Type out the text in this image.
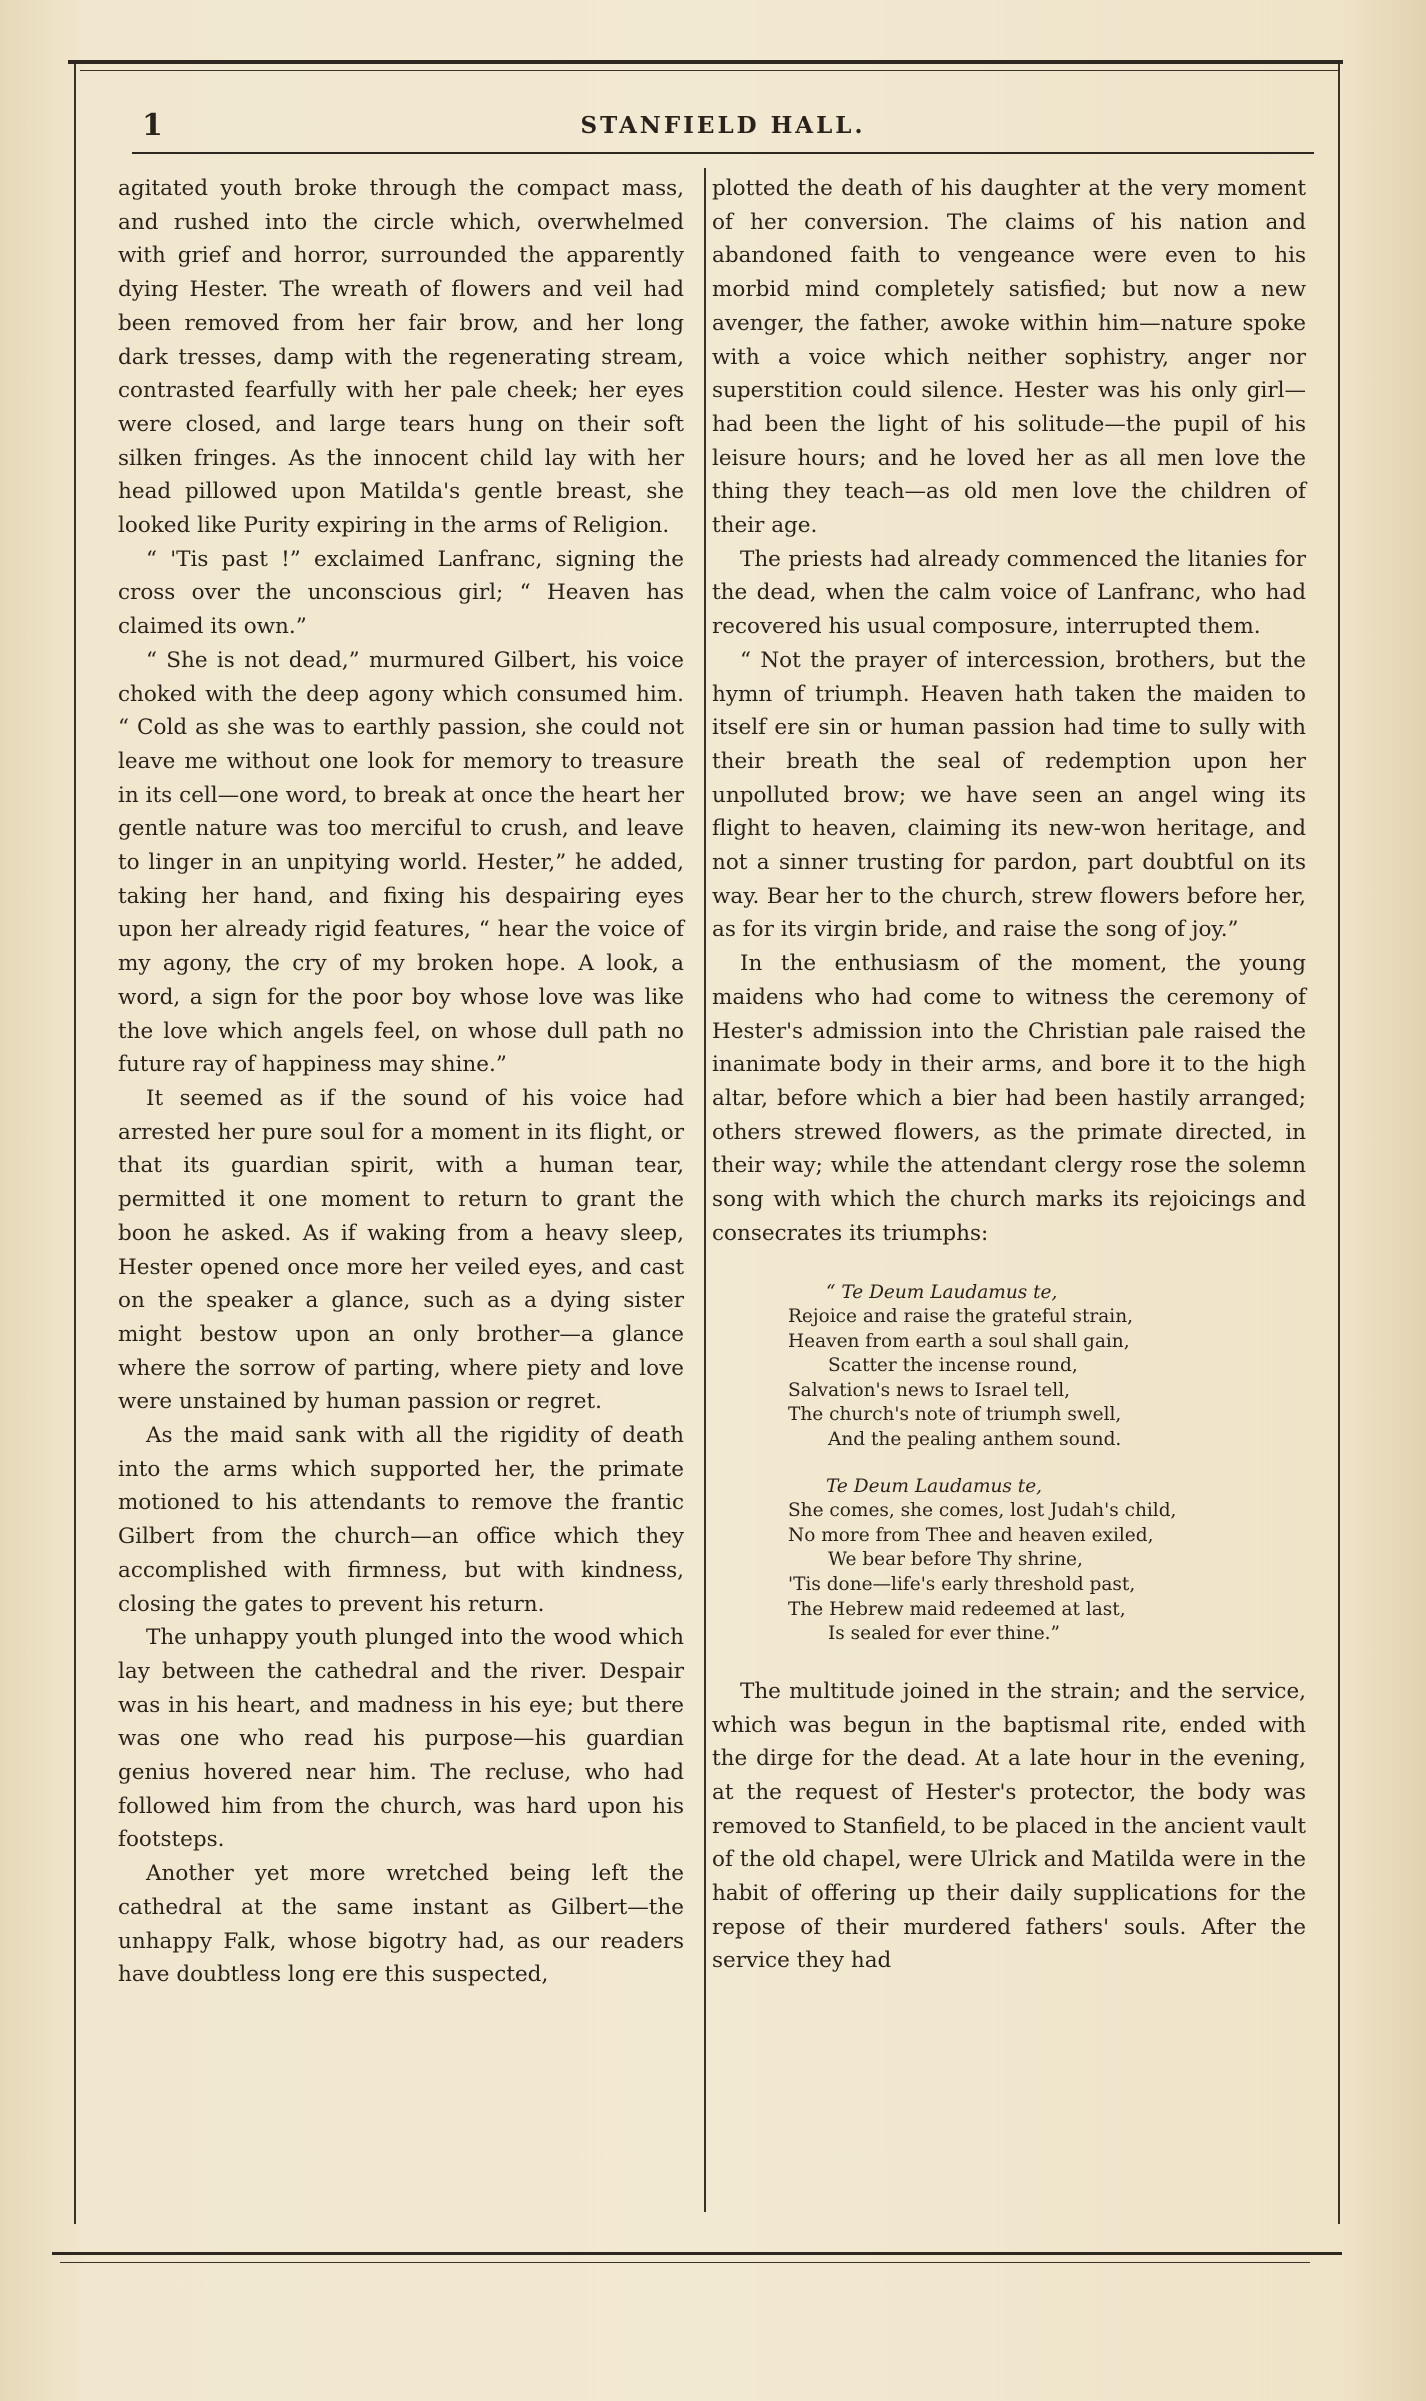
1	STANFIELD HALL.

agitated youth broke through the compact mass, and rushed into the circle which, overwhelmed with grief and horror, surrounded the apparently dying Hester. The wreath of flowers and veil had been removed from her fair brow, and her long dark tresses, damp with the regenerating stream, contrasted fearfully with her pale cheek; her eyes were closed, and large tears hung on their soft silken fringes. As the innocent child lay with her head pillowed upon Matilda's gentle breast, she looked like Purity expiring in the arms of Religion.

“ 'Tis past !” exclaimed Lanfranc, signing the cross over the unconscious girl; “ Heaven has claimed its own.”

“ She is not dead,” murmured Gilbert, his voice choked with the deep agony which consumed him. “ Cold as she was to earthly passion, she could not leave me without one look for memory to treasure in its cell—one word, to break at once the heart her gentle nature was too merciful to crush, and leave to linger in an unpitying world. Hester,” he added, taking her hand, and fixing his despairing eyes upon her already rigid features, “ hear the voice of my agony, the cry of my broken hope. A look, a word, a sign for the poor boy whose love was like the love which angels feel, on whose dull path no future ray of happiness may shine.”

It seemed as if the sound of his voice had arrested her pure soul for a moment in its flight, or that its guardian spirit, with a human tear, permitted it one moment to return to grant the boon he asked. As if waking from a heavy sleep, Hester opened once more her veiled eyes, and cast on the speaker a glance, such as a dying sister might bestow upon an only brother—a glance where the sorrow of parting, where piety and love were unstained by human passion or regret.

As the maid sank with all the rigidity of death into the arms which supported her, the primate motioned to his attendants to remove the frantic Gilbert from the church—an office which they accomplished with firmness, but with kindness, closing the gates to prevent his return.

The unhappy youth plunged into the wood which lay between the cathedral and the river. Despair was in his heart, and madness in his eye; but there was one who read his purpose—his guardian genius hovered near him. The recluse, who had followed him from the church, was hard upon his footsteps.

Another yet more wretched being left the cathedral at the same instant as Gilbert—the unhappy Falk, whose bigotry had, as our readers have doubtless long ere this suspected,

plotted the death of his daughter at the very moment of her conversion. The claims of his nation and abandoned faith to vengeance were even to his morbid mind completely satisfied; but now a new avenger, the father, awoke within him—nature spoke with a voice which neither sophistry, anger nor superstition could silence. Hester was his only girl—had been the light of his solitude—the pupil of his leisure hours; and he loved her as all men love the thing they teach—as old men love the children of their age.

The priests had already commenced the litanies for the dead, when the calm voice of Lanfranc, who had recovered his usual composure, interrupted them.

“ Not the prayer of intercession, brothers, but the hymn of triumph. Heaven hath taken the maiden to itself ere sin or human passion had time to sully with their breath the seal of redemption upon her unpolluted brow; we have seen an angel wing its flight to heaven, claiming its new-won heritage, and not a sinner trusting for pardon, part doubtful on its way. Bear her to the church, strew flowers before her, as for its virgin bride, and raise the song of joy.”

In the enthusiasm of the moment, the young maidens who had come to witness the ceremony of Hester's admission into the Christian pale raised the inanimate body in their arms, and bore it to the high altar, before which a bier had been hastily arranged; others strewed flowers, as the primate directed, in their way; while the attendant clergy rose the solemn song with which the church marks its rejoicings and consecrates its triumphs:

“ Te Deum Laudamus te,
Rejoice and raise the grateful strain,
Heaven from earth a soul shall gain,
Scatter the incense round,
Salvation's news to Israel tell,
The church's note of triumph swell,
And the pealing anthem sound.
Te Deum Laudamus te,
She comes, she comes, lost Judah's child,
No more from Thee and heaven exiled,
We bear before Thy shrine,
'Tis done—life's early threshold past,
The Hebrew maid redeemed at last,
Is sealed for ever thine.”

The multitude joined in the strain; and the service, which was begun in the baptismal rite, ended with the dirge for the dead. At a late hour in the evening, at the request of Hester's protector, the body was removed to Stanfield, to be placed in the ancient vault of the old chapel, were Ulrick and Matilda were in the habit of offering up their daily supplications for the repose of their murdered fathers' souls. After the service they had
